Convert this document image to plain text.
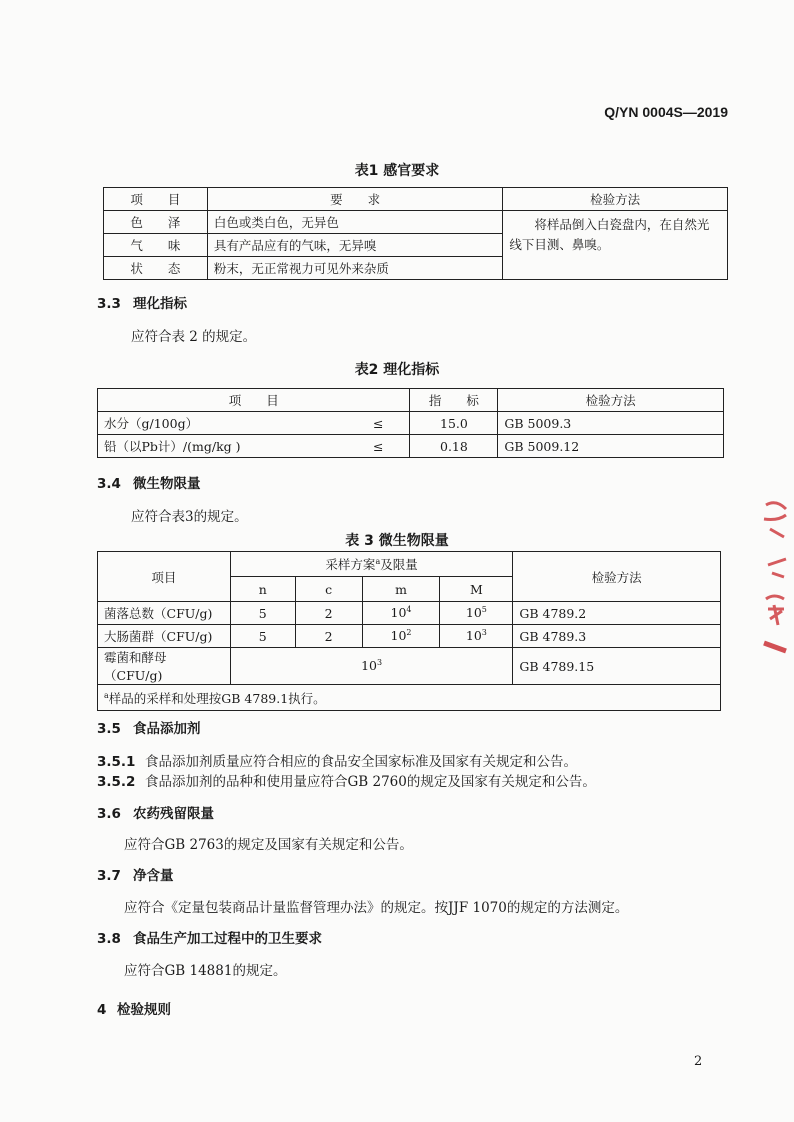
Q/YN 0004S—2019
表1 感官要求
项　　目	要　　求	检验方法
色　　泽	白色或类白色，无异色	将样品倒入白瓷盘内，在自然光线下目测、鼻嗅。
气　　味	具有产品应有的气味，无异嗅	
状　　态	粉末，无正常视力可见外来杂质	
3.3 理化指标
应符合表 2 的规定。
表2 理化指标
项　　目		指　　标	检验方法
水分（g/100g）	≤	15.0	GB 5009.3
铅（以Pb计）/(mg/kg )	≤	0.18	GB 5009.12
3.4 微生物限量
应符合表3的规定。
表 3 微生物限量
项目	采样方案$^a$及限量				检验方法
	n	c	m	M	
菌落总数（CFU/g)	5	2	$10^4$	$10^5$	GB 4789.2
大肠菌群（CFU/g)	5	2	$10^2$	$10^3$	GB 4789.3
霉菌和酵母（CFU/g)	$10^3$				GB 4789.15
$^a$样品的采样和处理按GB 4789.1执行。					
3.5 食品添加剂
3.5.1 食品添加剂质量应符合相应的食品安全国家标准及国家有关规定和公告。
3.5.2 食品添加剂的品种和使用量应符合GB 2760的规定及国家有关规定和公告。
3.6 农药残留限量
应符合GB 2763的规定及国家有关规定和公告。
3.7 净含量
应符合《定量包装商品计量监督管理办法》的规定。按JJF 1070的规定的方法测定。
3.8 食品生产加工过程中的卫生要求
应符合GB 14881的规定。
4 检验规则
2
